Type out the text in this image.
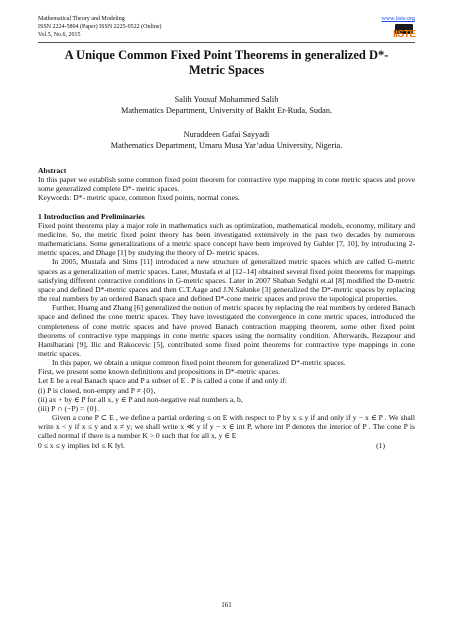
Mathematical Theory and Modeling
ISSN 2224-5804 (Paper) ISSN 2225-0522 (Online)
Vol.5, No.6, 2015
www.iiste.org
IISTE
A Unique Common Fixed Point Theorems in generalized D*-Metric Spaces
Salih Yousuf Mohammed Salih
Mathematics Department, University of Bakht Er-Ruda, Sudan.
Nuraddeen Gafai Sayyadi
Mathematics Department, Umaru Musa Yar’adua University, Nigeria.

Abstract

In this paper we establish some common fixed point theorem for contractive type mapping in cone metric spaces and prove some generalized complete D*- metric spaces.

Keywords: D*- metric space, common fixed points, normal cones.

1 Introduction and Preliminaries

Fixed point theorems play a major role in mathematics such as optimization, mathematical models, economy, military and medicine. So, the metric fixed point theory has been investigated extensively in the past two decades by numerous mathematicians. Some generalizations of a metric space concept have been improved by Gahler [7, 10], by introducing 2-metric spaces, and Dhage [1] by studying the theory of D- metric spaces.

In 2005, Mustafa and Sims [11] introduced a new structure of generalized metric spaces which are called G-metric spaces as a generalization of metric spaces. Later, Mustafa et al [12–14] obtained several fixed point theorems for mappings satisfying different contractive conditions in G-metric spaces. Later in 2007 Shaban Sedghi et.al [8] modified the D-metric space and defined D*-metric spaces and then C.T.Aage and J.N.Salunke [3] generalized the D*-metric spaces by replacing the real numbers by an ordered Banach space and defined D*-cone metric spaces and prove the topological properties.

Further, Huang and Zhang [6] generalized the notion of metric spaces by replacing the real numbers by ordered Banach space and defined the cone metric spaces. They have investigated the convergence in cone metric spaces, introduced the completeness of cone metric spaces and have proved Banach contraction mapping theorem, some other fixed point theorems of contractive type mappings in cone metric spaces using the normality condition. Afterwards, Rezapour and Hamlbarani [9], Ilic and Rakocevic [5], contributed some fixed point theorems for contractive type mappings in cone metric spaces.

In this paper, we obtain a unique common fixed point theorem for generalized D*-metric spaces.

First, we present some known definitions and propositions in D*-metric spaces.

Let E be a real Banach space and P a subset of E . P is called a cone if and only if:

(i) P is closed, non-empty and P ≠ {0},

(ii) ax + by ∈ P for all x, y ∈ P and non-negative real numbers a, b,

(iii) P ∩ (−P) = {0}.

Given a cone P ⊂ E , we define a partial ordering ≤ on E with respect to P by x ≤ y if and only if y − x ∈ P . We shall write x < y if x ≤ y and x ≠ y; we shall write x ≪ y if y − x ∈ int P, where int P denotes the interior of P . The cone P is called normal if there is a number K > 0 such that for all x, y ∈ E

0 ≤ x ≤ y implies ‖x‖ ≤ K ‖y‖.	(1)
161
